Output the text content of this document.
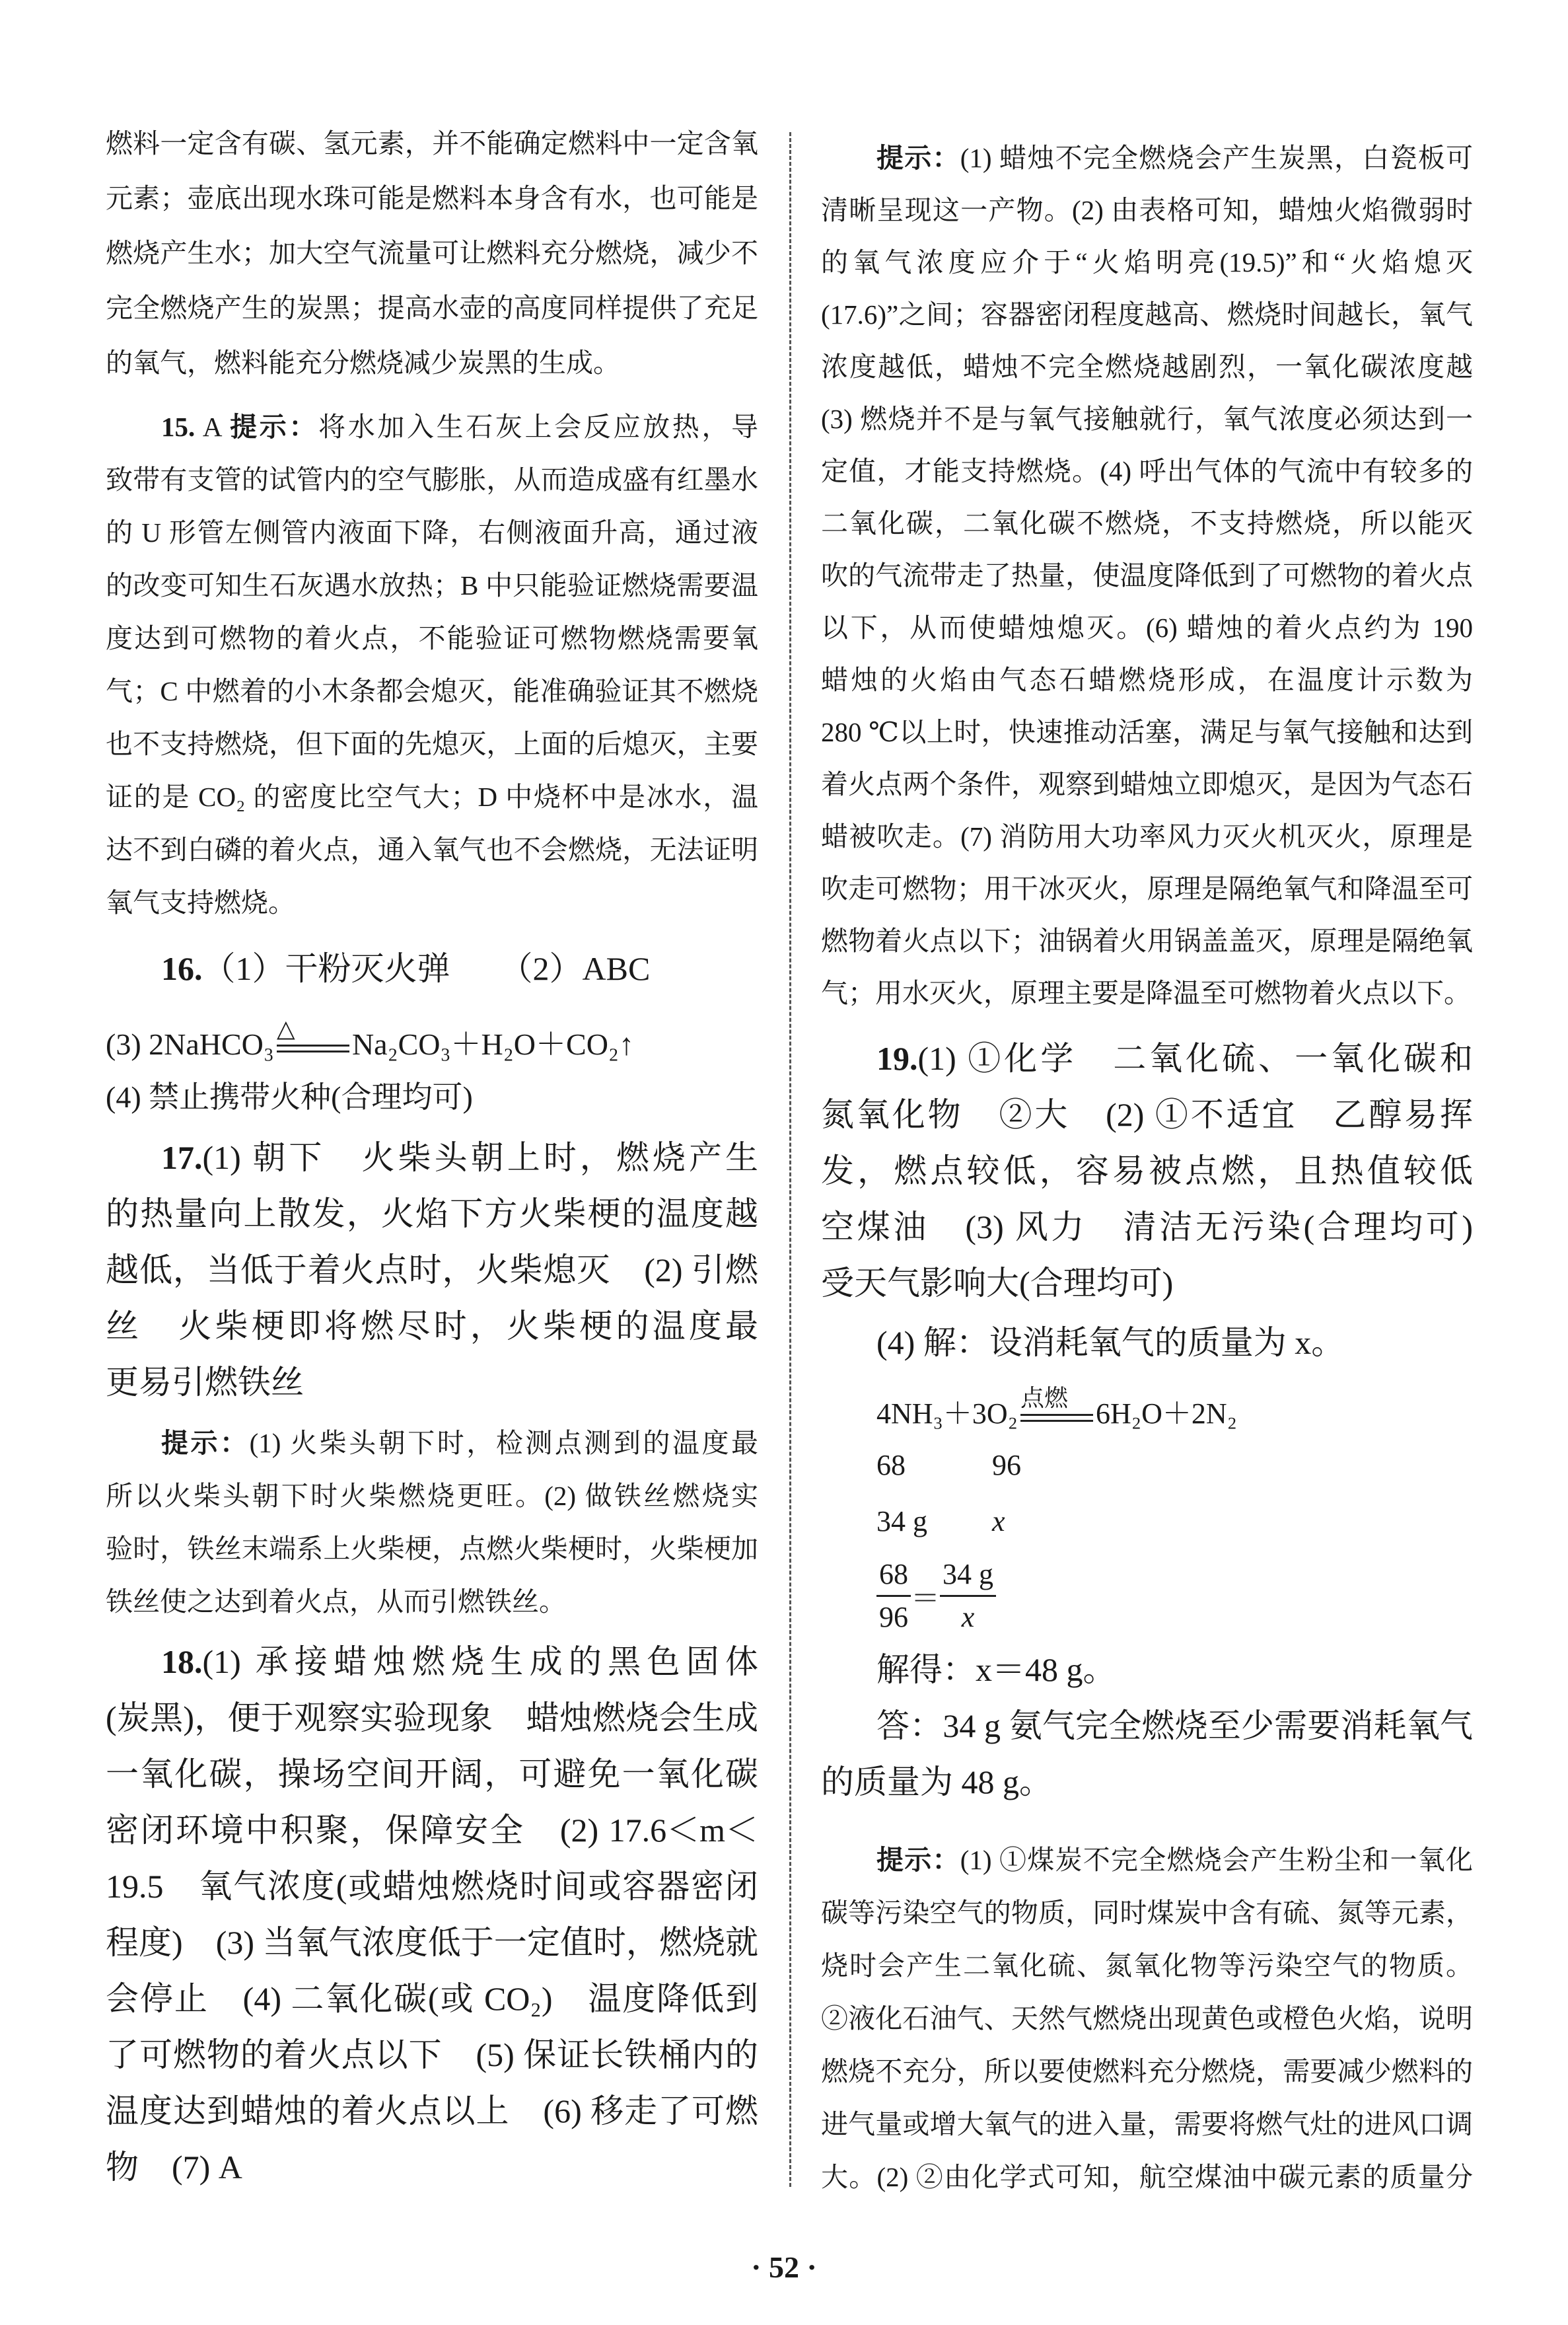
燃料一定含有碳、氢元素，并不能确定燃料中一定含氧
元素；壶底出现水珠可能是燃料本身含有水，也可能是
燃烧产生水；加大空气流量可让燃料充分燃烧，减少不
完全燃烧产生的炭黑；提高水壶的高度同样提供了充足
的氧气，燃料能充分燃烧减少炭黑的生成。
15. A 提示：将水加入生石灰上会反应放热，导
致带有支管的试管内的空气膨胀，从而造成盛有红墨水
的 U 形管左侧管内液面下降，右侧液面升高，通过液
的改变可知生石灰遇水放热；B 中只能验证燃烧需要温
度达到可燃物的着火点，不能验证可燃物燃烧需要氧
气；C 中燃着的小木条都会熄灭，能准确验证其不燃烧
也不支持燃烧，但下面的先熄灭，上面的后熄灭，主要
证的是 CO₂ 的密度比空气大；D 中烧杯中是冰水，温
达不到白磷的着火点，通入氧气也不会燃烧，无法证明
氧气支持燃烧。
16.（1）干粉灭火弹　　 （2）ABC
(3) 2NaHCO₃ △	Na₂CO₃＋H₂O＋CO₂↑
(4) 禁止携带火种(合理均可)
17.(1) 朝下　火柴头朝上时，燃烧产生
的热量向上散发，火焰下方火柴梗的温度越
越低，当低于着火点时，火柴熄灭　(2) 引燃
丝　火柴梗即将燃尽时，火柴梗的温度最
更易引燃铁丝
提示：(1) 火柴头朝下时，检测点测到的温度最
所以火柴头朝下时火柴燃烧更旺。(2) 做铁丝燃烧实
验时，铁丝末端系上火柴梗，点燃火柴梗时，火柴梗加
铁丝使之达到着火点，从而引燃铁丝。
18.(1) 承接蜡烛燃烧生成的黑色固体
(炭黑)，便于观察实验现象　蜡烛燃烧会生成
一氧化碳，操场空间开阔，可避免一氧化碳
密闭环境中积聚，保障安全　(2) 17.6＜m＜
19.5　氧气浓度(或蜡烛燃烧时间或容器密闭
程度)　(3) 当氧气浓度低于一定值时，燃烧就
会停止　(4) 二氧化碳(或 CO₂)　温度降低到
了可燃物的着火点以下　(5) 保证长铁桶内的
温度达到蜡烛的着火点以上　(6) 移走了可燃
物　(7) A
提示：(1) 蜡烛不完全燃烧会产生炭黑，白瓷板可
清晰呈现这一产物。(2) 由表格可知，蜡烛火焰微弱时
的氧气浓度应介于“火焰明亮(19.5)”和“火焰熄灭
(17.6)”之间；容器密闭程度越高、燃烧时间越长，氧气
浓度越低，蜡烛不完全燃烧越剧烈，一氧化碳浓度越
(3) 燃烧并不是与氧气接触就行，氧气浓度必须达到一
定值，才能支持燃烧。(4) 呼出气体的气流中有较多的
二氧化碳，二氧化碳不燃烧，不支持燃烧，所以能灭
吹的气流带走了热量，使温度降低到了可燃物的着火点
以下，从而使蜡烛熄灭。(6) 蜡烛的着火点约为 190
蜡烛的火焰由气态石蜡燃烧形成，在温度计示数为
280 ℃以上时，快速推动活塞，满足与氧气接触和达到
着火点两个条件，观察到蜡烛立即熄灭，是因为气态石
蜡被吹走。(7) 消防用大功率风力灭火机灭火，原理是
吹走可燃物；用干冰灭火，原理是隔绝氧气和降温至可
燃物着火点以下；油锅着火用锅盖盖灭，原理是隔绝氧
气；用水灭火，原理主要是降温至可燃物着火点以下。
19.(1) ①化学　二氧化硫、一氧化碳和
氮氧化物　②大　(2) ①不适宜　乙醇易挥
发，燃点较低，容易被点燃，且热值较低　
空煤油　(3) 风力　清洁无污染(合理均可)
受天气影响大(合理均可)
(4) 解：设消耗氧气的质量为 x。
4NH₃＋3O₂ 点燃 6H₂O＋2N₂
68	96
34 g x
$\frac{68}{96} = \frac{34 g}{x}$
解得：x＝48 g。
答：34 g 氨气完全燃烧至少需要消耗氧气
的质量为 48 g。
提示：(1) ①煤炭不完全燃烧会产生粉尘和一氧化
碳等污染空气的物质，同时煤炭中含有硫、氮等元素，
烧时会产生二氧化硫、氮氧化物等污染空气的物质。
②液化石油气、天然气燃烧出现黄色或橙色火焰，说明
燃烧不充分，所以要使燃料充分燃烧，需要减少燃料的
进气量或增大氧气的进入量，需要将燃气灶的进风口调
大。(2) ②由化学式可知，航空煤油中碳元素的质量分
· 52 ·
